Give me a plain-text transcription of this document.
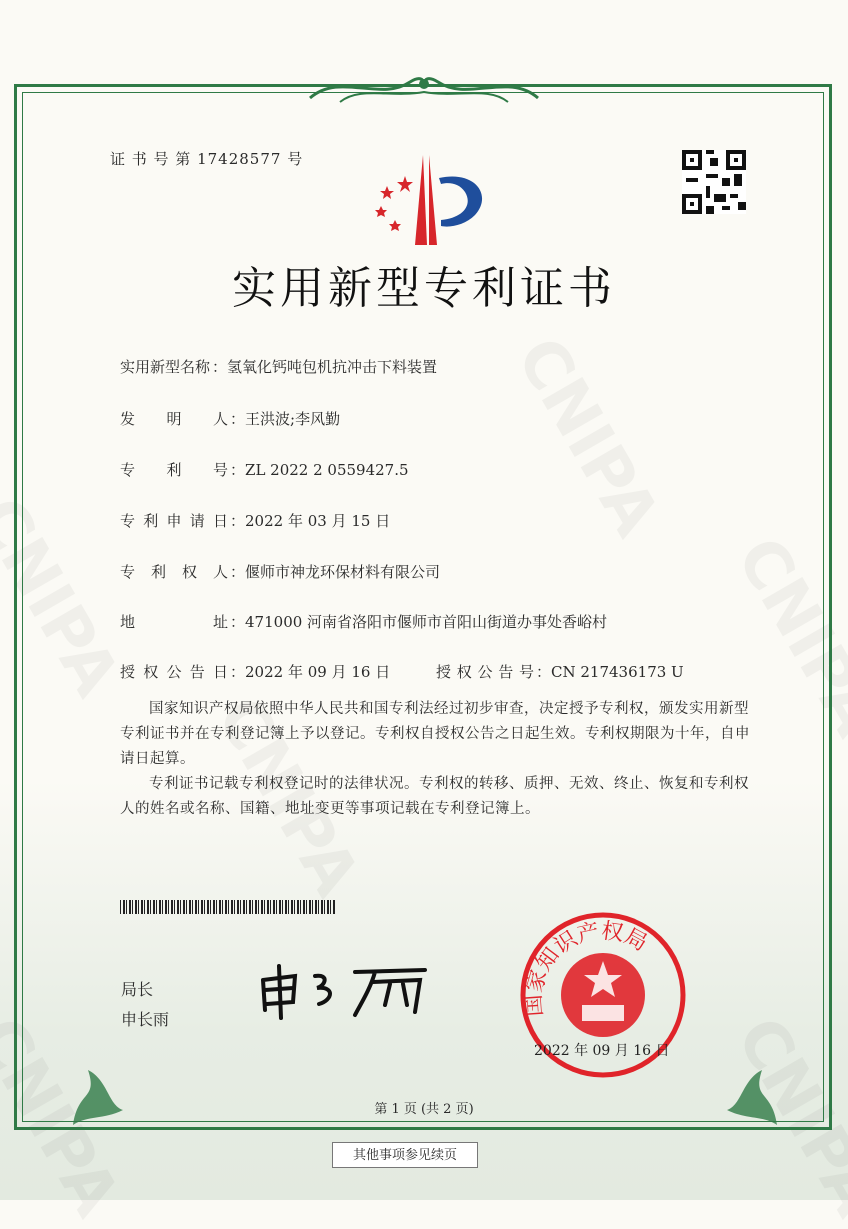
证 书 号 第 17428577 号
实用新型专利证书
实用新型名称 ：氢氧化钙吨包机抗冲击下料装置
发明人 ：王洪波;李风勤
专利号 ：ZL 2022 2 0559427.5
专利申请日 ：2022 年 03 月 15 日
专利权人 ：偃师市神龙环保材料有限公司
地址 ：471000 河南省洛阳市偃师市首阳山街道办事处香峪村
授权公告日 ：2022 年 09 月 16 日	授权公告号 ：CN 217436173 U

国家知识产权局依照中华人民共和国专利法经过初步审查，决定授予专利权，颁发实用新型专利证书并在专利登记簿上予以登记。专利权自授权公告之日起生效。专利权期限为十年，自申请日起算。

专利证书记载专利权登记时的法律状况。专利权的转移、质押、无效、终止、恢复和专利权人的姓名或名称、国籍、地址变更等事项记载在专利登记簿上。

局长
申长雨
国家知识产权局
2022 年 09 月 16 日
第 1 页 (共 2 页)
其他事项参见续页
